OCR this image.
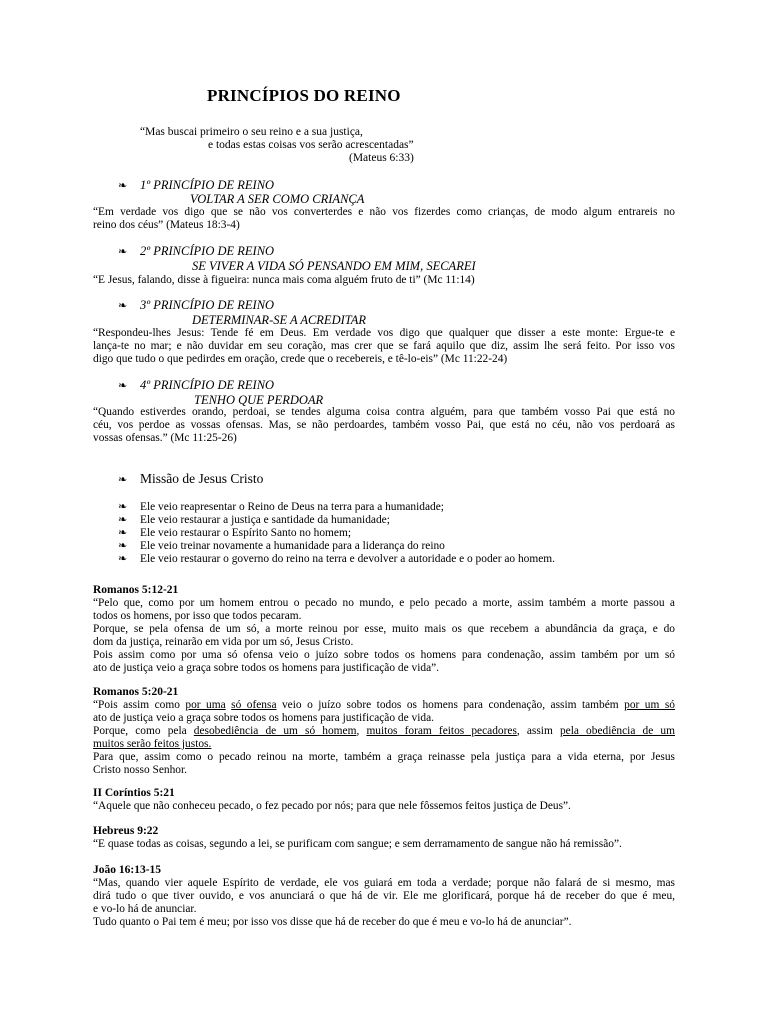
PRINCÍPIOS DO REINO
“Mas buscai primeiro o seu reino e a sua justiça,
e todas estas coisas vos serão acrescentadas”
(Mateus 6:33)
❧ 1º PRINCÍPIO DE REINO
VOLTAR A SER COMO CRIANÇA
“Em verdade vos digo que se não vos converterdes e não vos fizerdes como crianças, de modo algum entrareis no
reino dos céus” (Mateus 18:3-4)
❧ 2º PRINCÍPIO DE REINO
SE VIVER A VIDA SÓ PENSANDO EM MIM, SECAREI
“E Jesus, falando, disse à figueira: nunca mais coma alguém fruto de ti” (Mc 11:14)
❧ 3º PRINCÍPIO DE REINO
DETERMINAR-SE A ACREDITAR
“Respondeu-lhes Jesus: Tende fé em Deus. Em verdade vos digo que qualquer que disser a este monte: Ergue-te e
lança-te no mar; e não duvidar em seu coração, mas crer que se fará aquilo que diz, assim lhe será feito. Por isso vos
digo que tudo o que pedirdes em oração, crede que o recebereis, e tê-lo-eis” (Mc 11:22-24)
❧ 4º PRINCÍPIO DE REINO
TENHO QUE PERDOAR
“Quando estiverdes orando, perdoai, se tendes alguma coisa contra alguém, para que também vosso Pai que está no
céu, vos perdoe as vossas ofensas. Mas, se não perdoardes, também vosso Pai, que está no céu, não vos perdoará as
vossas ofensas.” (Mc 11:25-26)
❧ Missão de Jesus Cristo
❧ Ele veio reapresentar o Reino de Deus na terra para a humanidade;
❧ Ele veio restaurar a justiça e santidade da humanidade;
❧ Ele veio restaurar o Espírito Santo no homem;
❧ Ele veio treinar novamente a humanidade para a liderança do reino
❧ Ele veio restaurar o governo do reino na terra e devolver a autoridade e o poder ao homem.
Romanos 5:12-21
“Pelo que, como por um homem entrou o pecado no mundo, e pelo pecado a morte, assim também a morte passou a
todos os homens, por isso que todos pecaram.
Porque, se pela ofensa de um só, a morte reinou por esse, muito mais os que recebem a abundância da graça, e do
dom da justiça, reinarão em vida por um só, Jesus Cristo.
Pois assim como por uma só ofensa veio o juízo sobre todos os homens para condenação, assim também por um só
ato de justiça veio a graça sobre todos os homens para justificação de vida”.
Romanos 5:20-21
“Pois assim como por uma só ofensa veio o juízo sobre todos os homens para condenação, assim também por um só
ato de justiça veio a graça sobre todos os homens para justificação de vida.
Porque, como pela desobediência de um só homem, muitos foram feitos pecadores, assim pela obediência de um
muitos serão feitos justos.
Para que, assim como o pecado reinou na morte, também a graça reinasse pela justiça para a vida eterna, por Jesus
Cristo nosso Senhor.
II Coríntios 5:21
“Aquele que não conheceu pecado, o fez pecado por nós; para que nele fôssemos feitos justiça de Deus”.
Hebreus 9:22
“E quase todas as coisas, segundo a lei, se purificam com sangue; e sem derramamento de sangue não há remissão”.
João 16:13-15
“Mas, quando vier aquele Espírito de verdade, ele vos guiará em toda a verdade; porque não falará de si mesmo, mas
dirá tudo o que tiver ouvido, e vos anunciará o que há de vir. Ele me glorificará, porque há de receber do que é meu,
e vo-lo há de anunciar.
Tudo quanto o Pai tem é meu; por isso vos disse que há de receber do que é meu e vo-lo há de anunciar”.
